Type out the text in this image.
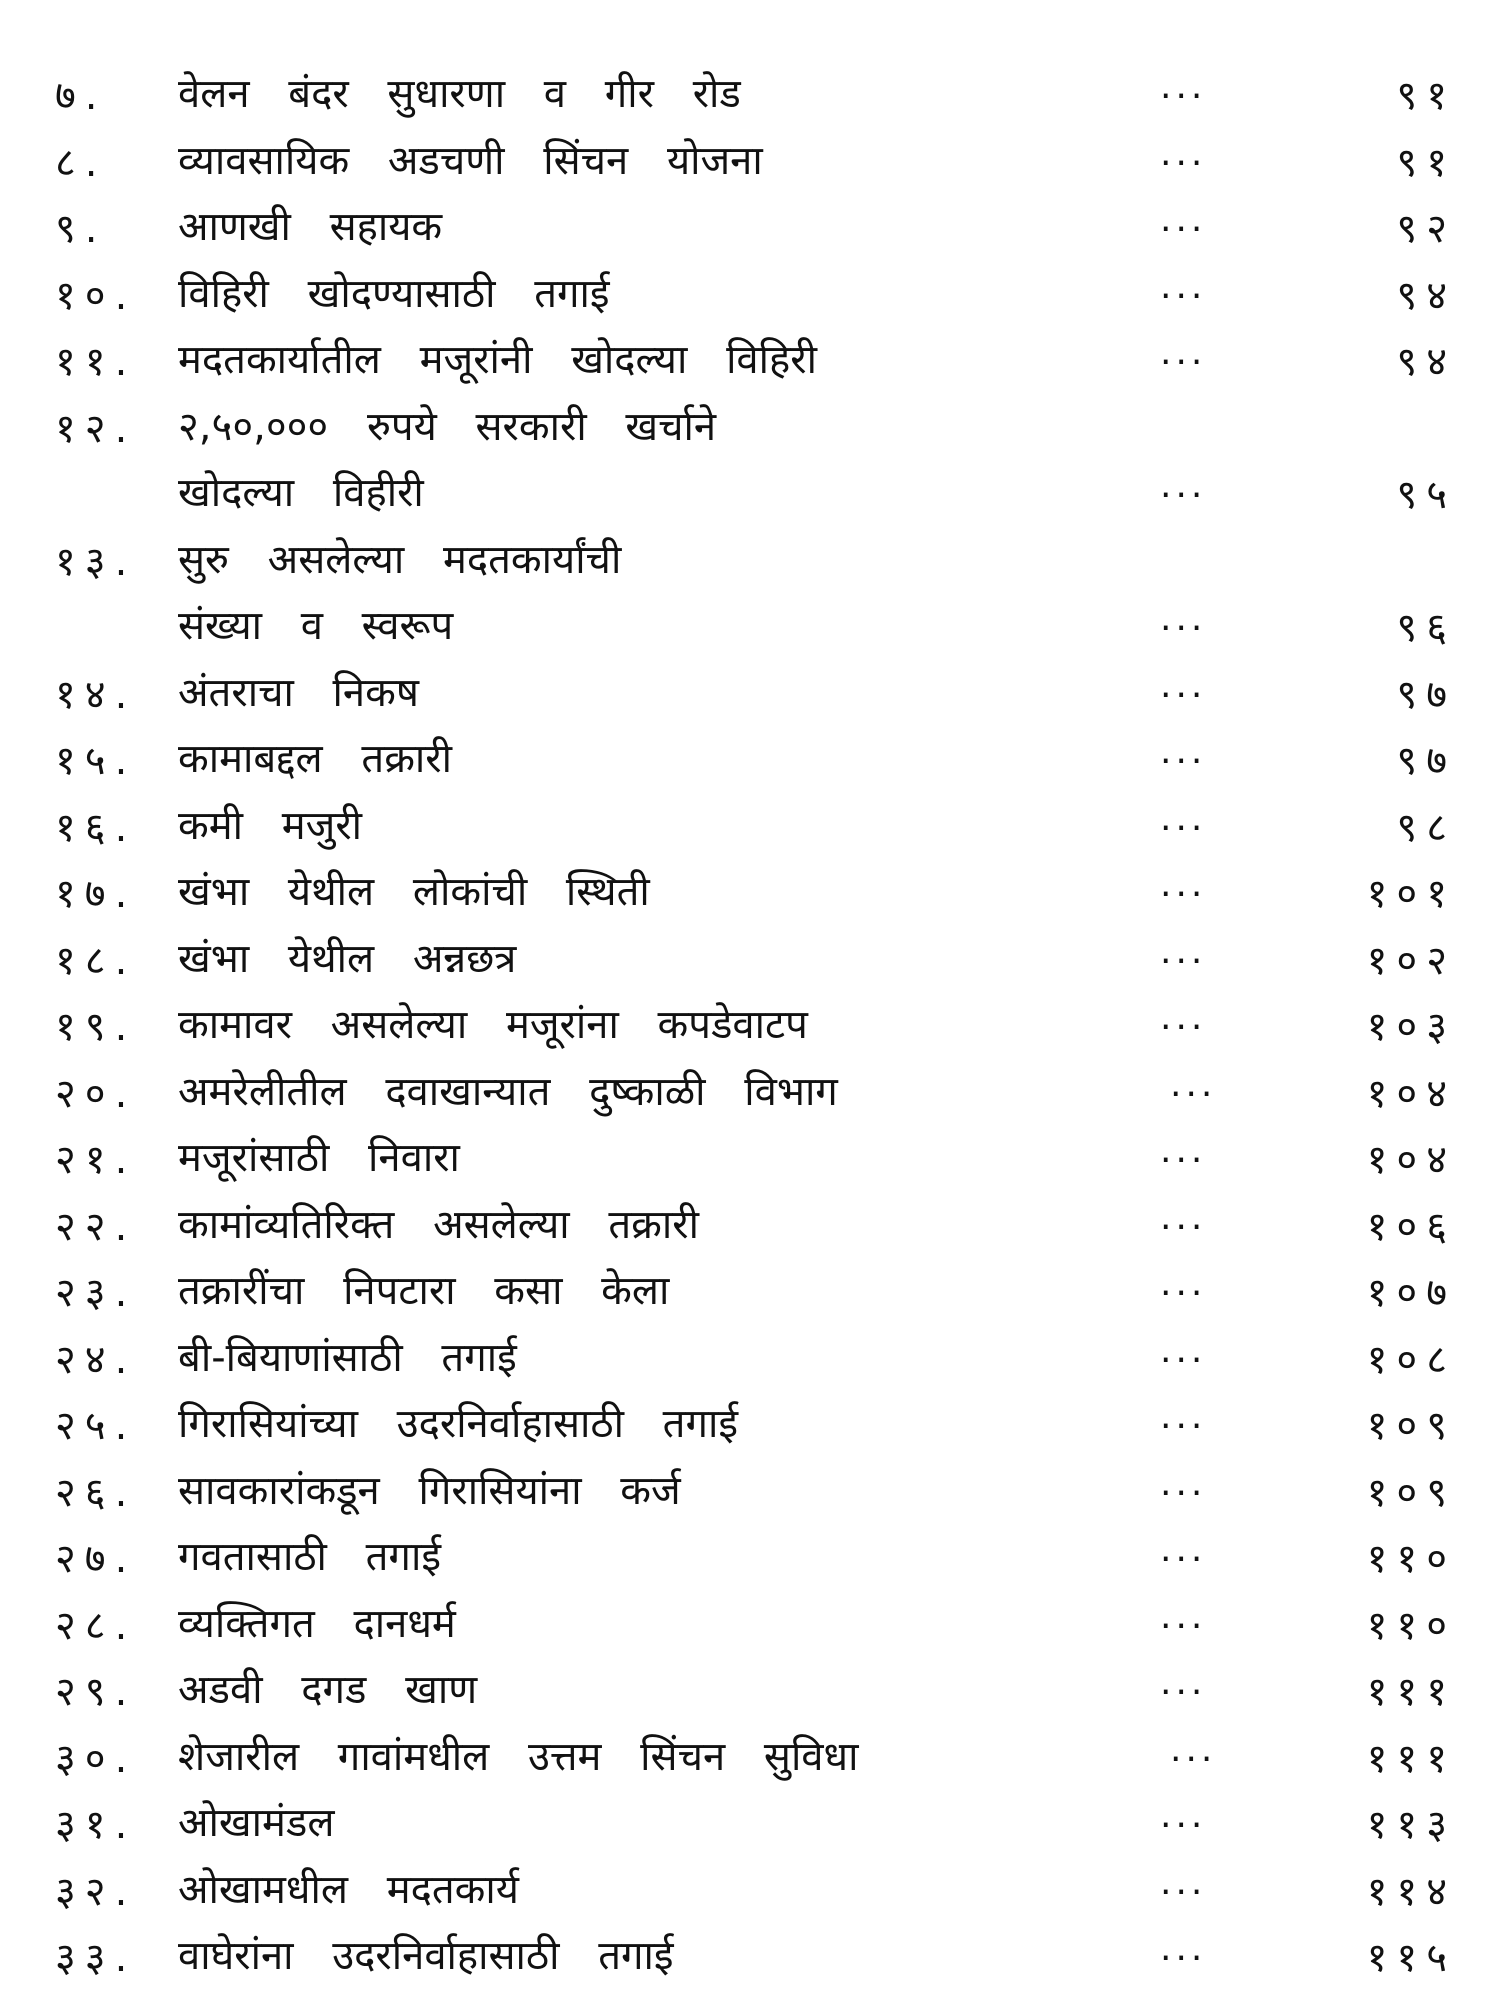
७. वेलन बंदर सुधारणा व गीर रोड	...	९१
८. व्यावसायिक अडचणी सिंचन योजना	...	९१
९. आणखी सहायक	...	९२
१०. विहिरी खोदण्यासाठी तगाई	...	९४
११. मदतकार्यातील मजूरांनी खोदल्या विहिरी	...	९४
१२. २,५०,००० रुपये सरकारी खर्चाने
खोदल्या विहीरी	...	९५
१३. सुरु असलेल्या मदतकार्यांची
संख्या व स्वरूप	...	९६
१४. अंतराचा निकष	...	९७
१५. कामाबद्दल तक्रारी	...	९७
१६. कमी मजुरी	...	९८
१७. खंभा येथील लोकांची स्थिती	...	१०१
१८. खंभा येथील अन्नछत्र	...	१०२
१९. कामावर असलेल्या मजूरांना कपडेवाटप	...	१०३
२०. अमरेलीतील दवाखान्यात दुष्काळी विभाग	...	१०४
२१. मजूरांसाठी निवारा	...	१०४
२२. कामांव्यतिरिक्त असलेल्या तक्रारी	...	१०६
२३. तक्रारींचा निपटारा कसा केला	...	१०७
२४. बी-बियाणांसाठी तगाई	...	१०८
२५. गिरासियांच्या उदरनिर्वाहासाठी तगाई	...	१०९
२६. सावकारांकडून गिरासियांना कर्ज	...	१०९
२७. गवतासाठी तगाई	...	११०
२८. व्यक्तिगत दानधर्म	...	११०
२९. अडवी दगड खाण	...	१११
३०. शेजारील गावांमधील उत्तम सिंचन सुविधा	...	१११
३१. ओखामंडल	...	११३
३२. ओखामधील मदतकार्य	...	११४
३३. वाघेरांना उदरनिर्वाहासाठी तगाई	...	११५
